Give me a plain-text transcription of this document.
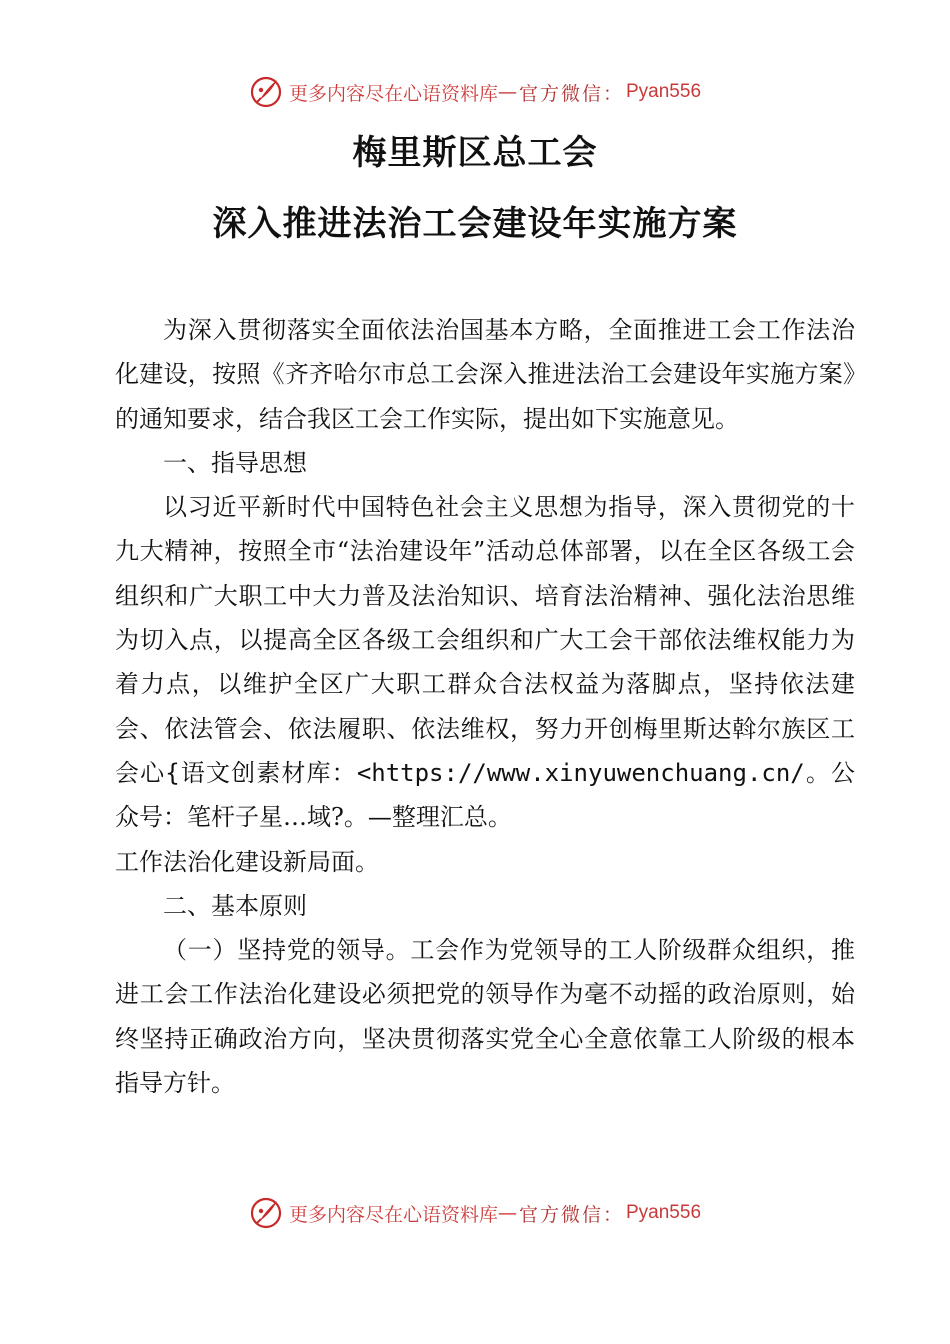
更多内容尽在心语资料库 — 官方微信： Pyan556
梅里斯区总工会
深入推进法治工会建设年实施方案

为深入贯彻落实全面依法治国基本方略，全面推进工会工作法治化建设，按照《齐齐哈尔市总工会深入推进法治工会建设年实施方案》的通知要求，结合我区工会工作实际，提出如下实施意见。

一、指导思想

以习近平新时代中国特色社会主义思想为指导，深入贯彻党的十九大精神，按照全市“法治建设年”活动总体部署，以在全区各级工会组织和广大职工中大力普及法治知识、培育法治精神、强化法治思维为切入点，以提高全区各级工会组织和广大工会干部依法维权能力为着力点，以维护全区广大职工群众合法权益为落脚点，坚持依法建会、依法管会、依法履职、依法维权，努力开创梅里斯达斡尔族区工会心{语文创素材库：<https://www.xinyuwenchuang.cn/。公众号：笔杆子星…域?。—整理汇总。
工作法治化建设新局面。

二、基本原则

（一）坚持党的领导。工会作为党领导的工人阶级群众组织，推进工会工作法治化建设必须把党的领导作为毫不动摇的政治原则，始终坚持正确政治方向，坚决贯彻落实党全心全意依靠工人阶级的根本指导方针。

更多内容尽在心语资料库 — 官方微信： Pyan556
